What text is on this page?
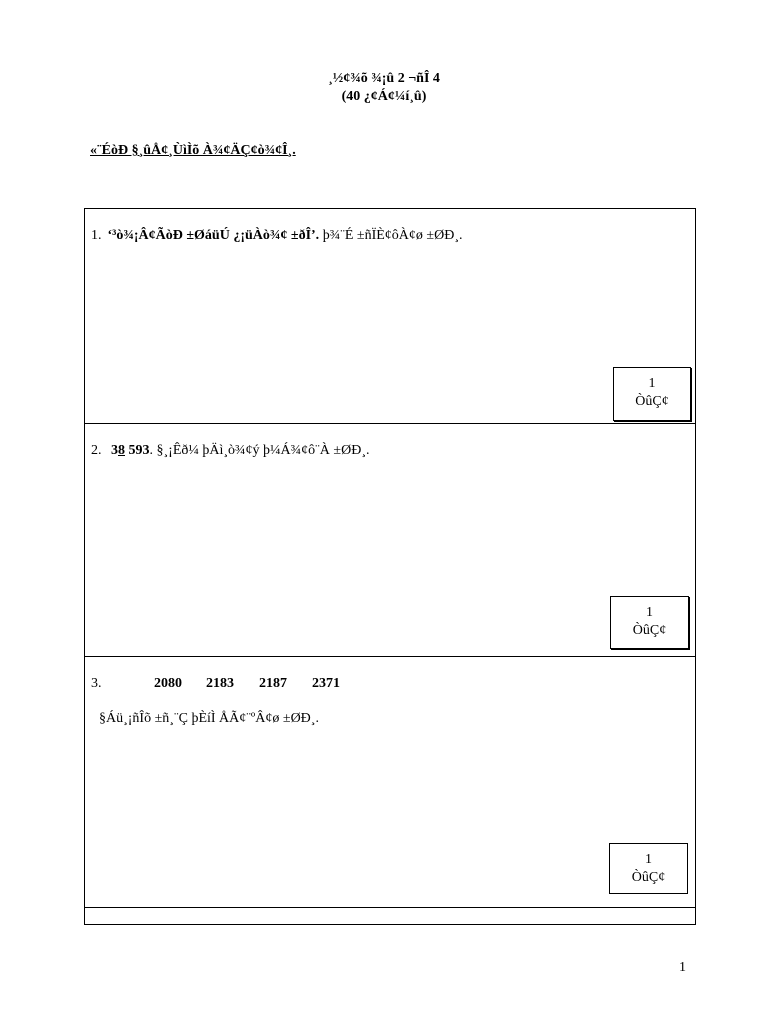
¸½¢¾õ ¾¡û 2 ¬ñÎ 4
(40 ¿¢Á¢¼í¸û)
«¨ÉòÐ §¸ûÅ¢¸ÙìÌõ À¾¢ÄÇ¢ò¾¢Î¸.
1. ‘³ò¾¡Â¢ÃòÐ ±ØáüÚ ¿¡üÀò¾¢ ±ðÎ’. þ¾¨É ±ñÏÈ¢ôÀ¢ø ±ØÐ¸.
1
ÒûÇ¢
2. 38 593. §¸¡Êð¼ þÄì¸ò¾¢ý þ¼Á¾¢ô¨À ±ØÐ¸.
1
ÒûÇ¢
3.	2080 2183 2187 2371
§Áü¸¡ñÎõ ±ñ¸¨Ç þÈíÌ ÅÃ¢¨ºÂ¢ø ±ØÐ¸.
1
ÒûÇ¢
1
